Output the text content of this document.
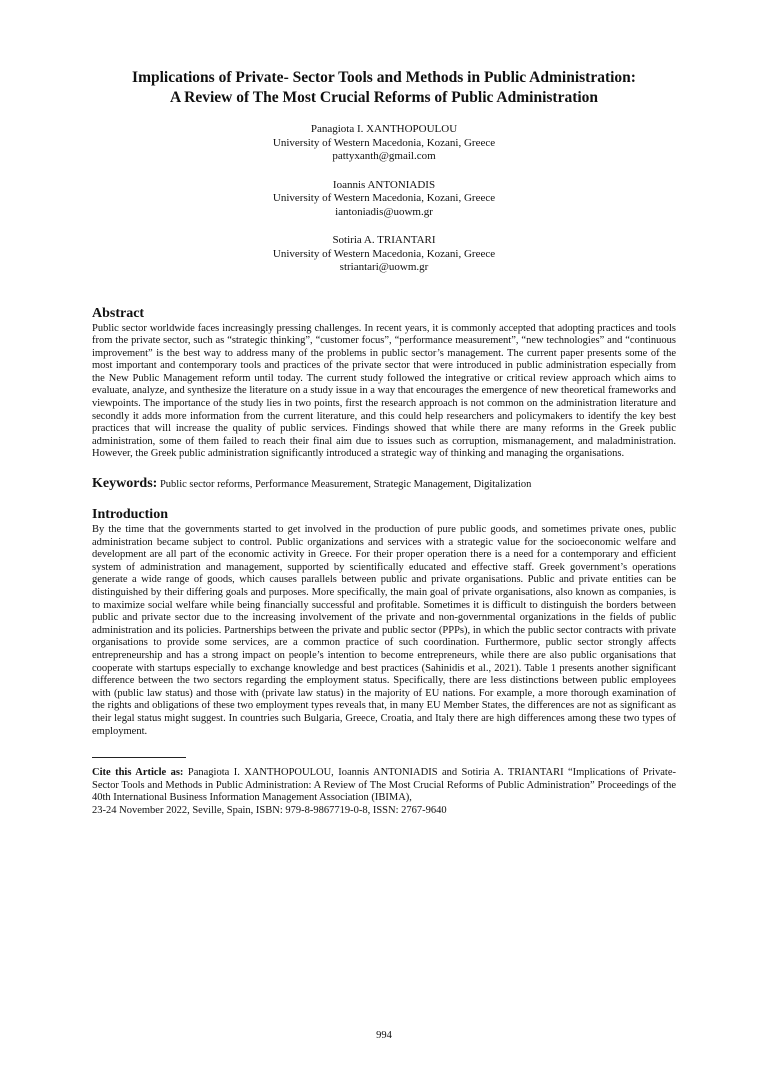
Implications of Private- Sector Tools and Methods in Public Administration:
A Review of The Most Crucial Reforms of Public Administration
Panagiota I. XANTHOPOULOU
University of Western Macedonia, Kozani, Greece
pattyxanth@gmail.com
Ioannis ANTONIADIS
University of Western Macedonia, Kozani, Greece
iantoniadis@uowm.gr
Sotiria A. TRIANTARI
University of Western Macedonia, Kozani, Greece
striantari@uowm.gr
Abstract

Public sector worldwide faces increasingly pressing challenges. In recent years, it is commonly accepted that adopting practices and tools from the private sector, such as “strategic thinking”, “customer focus”, “performance measurement”, “new technologies” and “continuous improvement” is the best way to address many of the problems in public sector’s management. The current paper presents some of the most important and contemporary tools and practices of the private sector that were introduced in public administration especially from the New Public Management reform until today. The current study followed the integrative or critical review approach which aims to evaluate, analyze, and synthesize the literature on a study issue in a way that encourages the emergence of new theoretical frameworks and viewpoints. The importance of the study lies in two points, first the research approach is not common on the administration literature and secondly it adds more information from the current literature, and this could help researchers and policymakers to identify the key best practices that will increase the quality of public services. Findings showed that while there are many reforms in the Greek public administration, some of them failed to reach their final aim due to issues such as corruption, mismanagement, and maladministration. However, the Greek public administration significantly introduced a strategic way of thinking and managing the organisations.

Keywords: Public sector reforms, Performance Measurement, Strategic Management, Digitalization
Introduction

By the time that the governments started to get involved in the production of pure public goods, and sometimes private ones, public administration became subject to control. Public organizations and services with a strategic value for the socioeconomic welfare and development are all part of the economic activity in Greece. For their proper operation there is a need for a contemporary and efficient system of administration and management, supported by scientifically educated and effective staff. Greek government’s operations generate a wide range of goods, which causes parallels between public and private organisations. Public and private entities can be distinguished by their differing goals and purposes. More specifically, the main goal of private organisations, also known as companies, is to maximize social welfare while being financially successful and profitable. Sometimes it is difficult to distinguish the borders between public and private sector due to the increasing involvement of the private and non-governmental organizations in the fields of public administration and its policies. Partnerships between the private and public sector (PPPs), in which the public sector contracts with private organisations to provide some services, are a common practice of such coordination. Furthermore, public sector strongly affects entrepreneurship and has a strong impact on people’s intention to become entrepreneurs, while there are also public organisations that cooperate with startups especially to exchange knowledge and best practices (Sahinidis et al., 2021). Table 1 presents another significant difference between the two sectors regarding the employment status. Specifically, there are less distinctions between public employees with (public law status) and those with (private law status) in the majority of EU nations. For example, a more thorough examination of the rights and obligations of these two employment types reveals that, in many EU Member States, the differences are not as significant as their legal status might suggest. In countries such Bulgaria, Greece, Croatia, and Italy there are high differences among these two types of employment.

Cite this Article as: Panagiota I. XANTHOPOULOU, Ioannis ANTONIADIS and Sotiria A. TRIANTARI “Implications of Private- Sector Tools and Methods in Public Administration: A Review of The Most Crucial Reforms of Public Administration” Proceedings of the 40th International Business Information Management Association (IBIMA),
23-24 November 2022, Seville, Spain, ISBN: 979-8-9867719-0-8, ISSN: 2767-9640
994
